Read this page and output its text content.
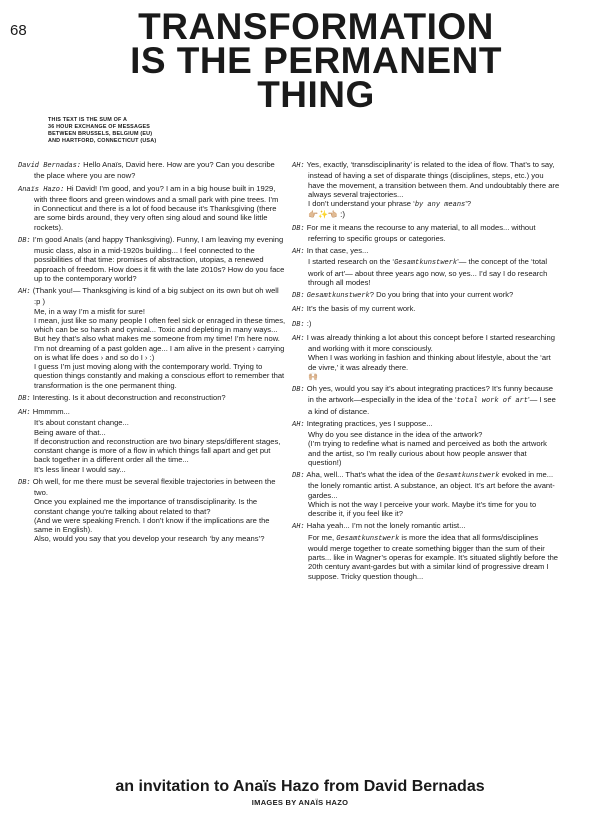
68	TRANSFORMATION
IS THE PERMANENT
THING
THIS TEXT IS THE SUM OF A
36 HOUR EXCHANGE OF MESSAGES
BETWEEN BRUSSELS, BELGIUM (EU)
AND HARTFORD, CONNECTICUT (USA)

David Bernadas: Hello Anaïs, David here. How are you? Can you describe the place where you are now?

Anaïs Hazo: Hi David! I’m good, and you? I am in a big house built in 1929, with three floors and green windows and a small park with pine trees. I’m in Connecticut and there is a lot of food because it’s Thanksgiving (there are some birds around, they very often sing aloud and sound like little rockets).

DB: I’m good Anaïs (and happy Thanksgiving). Funny, I am leaving my evening music class, also in a mid-1920s building... I feel connected to the possibilities of that time: promises of abstraction, utopias, a renewed approach of freedom. How does it fit with the late 2010s? How do you face up to the contemporary world?

AH: (Thank you!— Thanksgiving is kind of a big subject on its own but oh well :p )

Me, in a way I’m a misfit for sure!

I mean, just like so many people I often feel sick or enraged in these times, which can be so harsh and cynical... Toxic and depleting in many ways...

But hey that’s also what makes me someone from my time! I’m here now. I’m not dreaming of a past golden age... I am alive in the present › carrying on is what life does › and so do I › :)

I guess I’m just moving along with the contemporary world. Trying to question things constantly and making a conscious effort to remember that transformation is the one permanent thing.

DB: Interesting. Is it about deconstruction and reconstruction?

AH: Hmmmm...

It’s about constant change...

Being aware of that...

If deconstruction and reconstruction are two binary steps/different stages, constant change is more of a flow in which things fall apart and get put back together in a different order all the time...

It’s less linear I would say...

DB: Oh well, for me there must be several flexible trajectories in between the two.

Once you explained me the importance of transdisciplinarity. Is the constant change you’re talking about related to that?

(And we were speaking French. I don’t know if the implications are the same in English).

Also, would you say that you develop your research ‘by any means’?

AH: Yes, exactly, ‘transdisciplinarity’ is related to the idea of flow. That’s to say, instead of having a set of disparate things (disciplines, steps, etc.) you have the movement, a transition between them. And undoubtably there are always several trajectories...

I don’t understand your phrase ‘by any means’?

👉🏼✨👈🏼 :)

DB: For me it means the recourse to any material, to all modes... without referring to specific groups or categories.

AH: In that case, yes...

I started research on the ‘Gesamtkunstwerk’— the concept of the ‘total work of art’— about three years ago now, so yes... I’d say I do research through all modes!

DB: Gesamtkunstwerk? Do you bring that into your current work?

AH: It’s the basis of my current work.

DB: :)

AH: I was already thinking a lot about this concept before I started researching and working with it more consciously.

When I was working in fashion and thinking about lifestyle, about the ‘art de vivre,’ it was already there.

🙌🏼

DB: Oh yes, would you say it’s about integrating practices? It’s funny because in the artwork—especially in the idea of the ‘total work of art’— I see a kind of distance.

AH: Integrating practices, yes I suppose...

Why do you see distance in the idea of the artwork?

(I’m trying to redefine what is named and perceived as both the artwork and the artist, so I’m really curious about how people answer that question!)

DB: Aha, well... That’s what the idea of the Gesamtkunstwerk evoked in me... the lonely romantic artist. A substance, an object. It’s art before the avant-gardes...

Which is not the way I perceive your work. Maybe it’s time for you to describe it, if you feel like it?

AH: Haha yeah... I’m not the lonely romantic artist...

For me, Gesamtkunstwerk is more the idea that all forms/disciplines would merge together to create something bigger than the sum of their parts... like in Wagner’s operas for example. It’s situated slightly before the 20th century avant-gardes but with a similar kind of progressive dream I suppose. Tricky question though...

an invitation to Anaïs Hazo from David Bernadas
IMAGES BY ANAÏS HAZO
